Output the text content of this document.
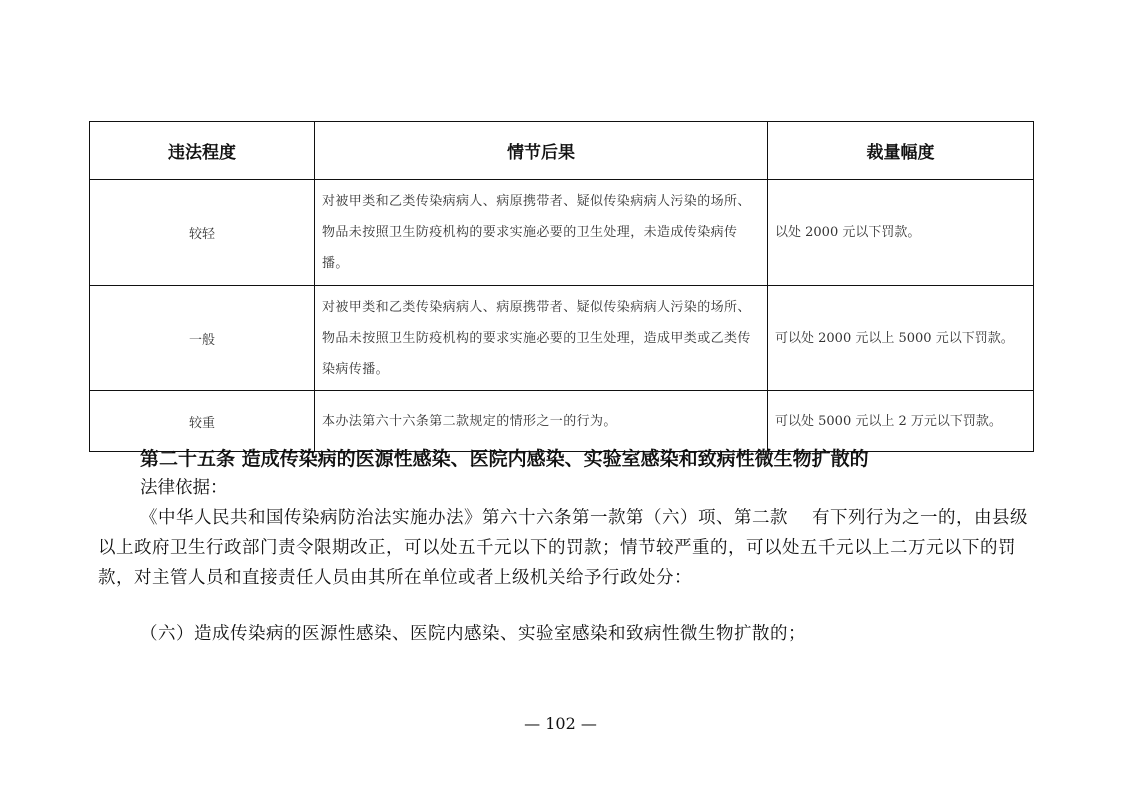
违法程度	情节后果	裁量幅度
较轻	对被甲类和乙类传染病病人、病原携带者、疑似传染病病人污染的场所、物品未按照卫生防疫机构的要求实施必要的卫生处理，未造成传染病传播。	以处 2000 元以下罚款。
一般	对被甲类和乙类传染病病人、病原携带者、疑似传染病病人污染的场所、物品未按照卫生防疫机构的要求实施必要的卫生处理，造成甲类或乙类传染病传播。	可以处 2000 元以上 5000 元以下罚款。
较重	本办法第六十六条第二款规定的情形之一的行为。	可以处 5000 元以上 2 万元以下罚款。
第二十五条 造成传染病的医源性感染、医院内感染、实验室感染和致病性微生物扩散的
法律依据：
《中华人民共和国传染病防治法实施办法》第六十六条第一款第（六）项、第二款 　有下列行为之一的，由县级以上政府卫生行政部门责令限期改正，可以处五千元以下的罚款；情节较严重的，可以处五千元以上二万元以下的罚款，对主管人员和直接责任人员由其所在单位或者上级机关给予行政处分：
（六）造成传染病的医源性感染、医院内感染、实验室感染和致病性微生物扩散的；
— 102 —
